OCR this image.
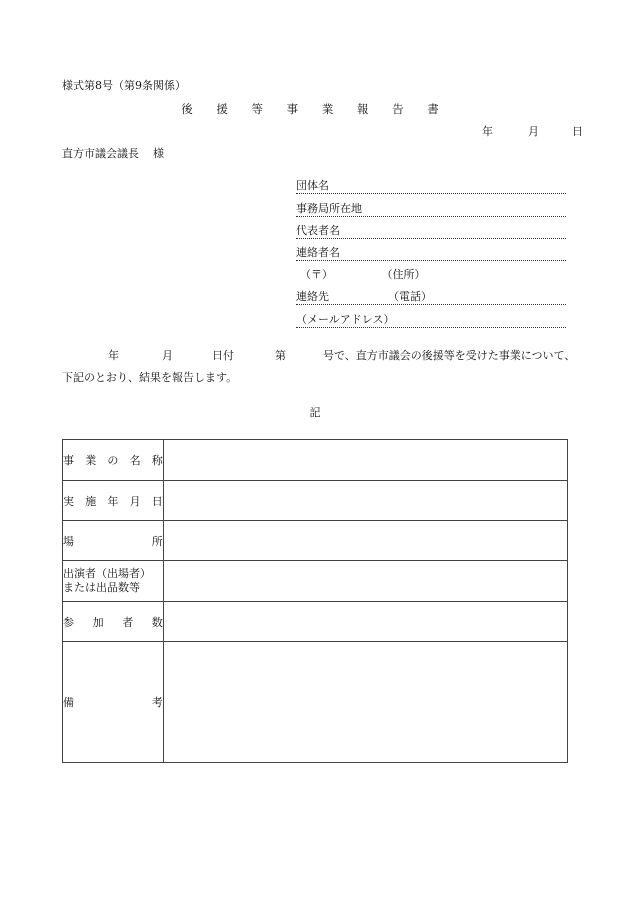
様式第8号（第9条関係）
後 援 等 事 業 報 告 書
年	月	日
直方市議会議長 様
団体名
事務局所在地
代表者名
連絡者名
（〒）	（住所）
連絡先	（電話）
（メールアドレス）
年	月	日付	第	号で、直方市議会の後援等を受けた事業について、
下記のとおり、結果を報告します。
記
事 業 の 名 称	

実 施 年 月 日	

場 所	

出演者（出場者）
または出品数等	

参 加 者 数	

備 考	
